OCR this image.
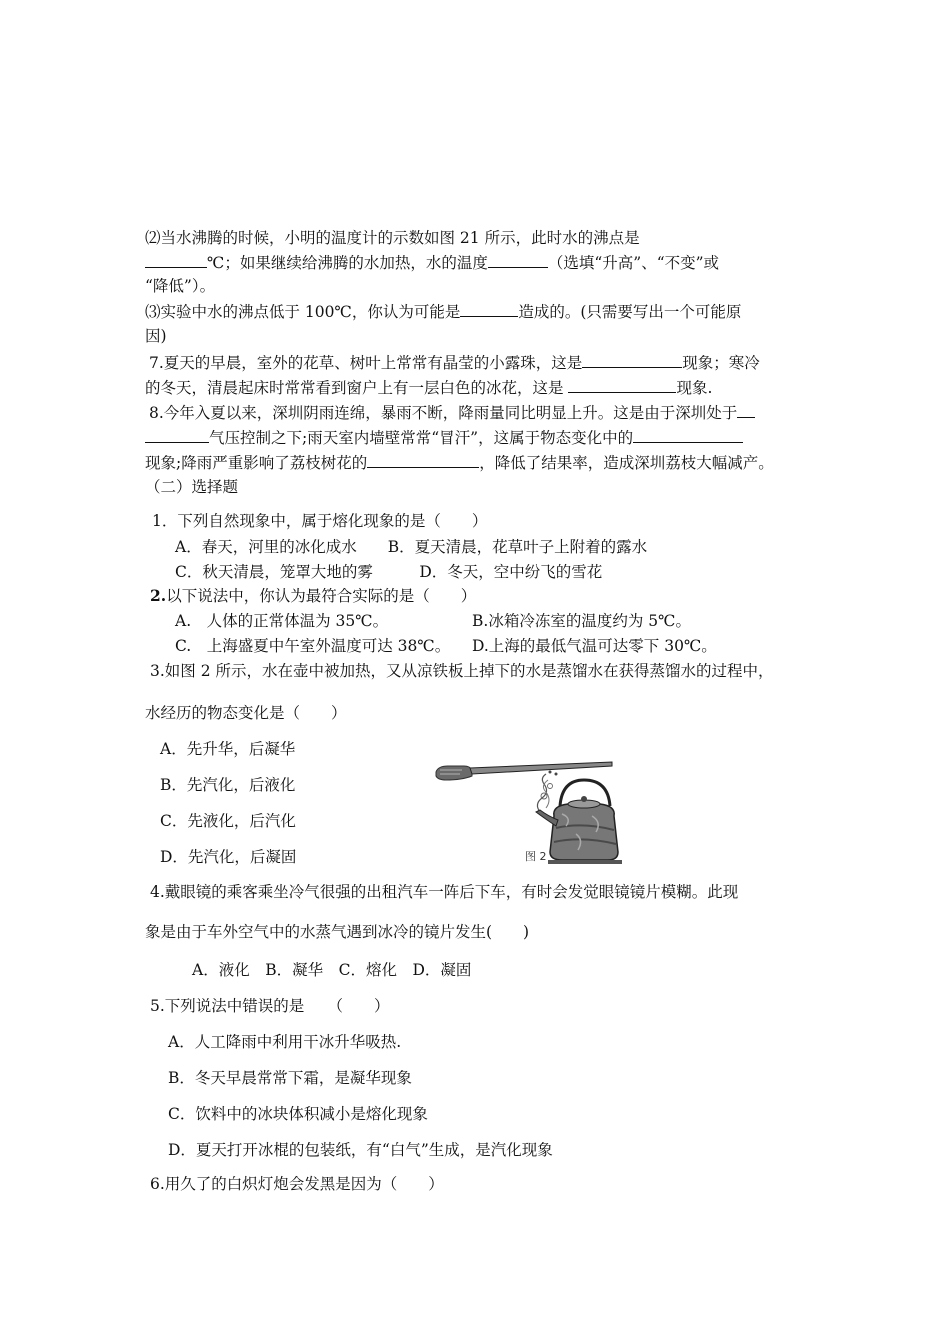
⑵当水沸腾的时候，小明的温度计的示数如图 21 所示，此时水的沸点是
℃；如果继续给沸腾的水加热，水的温度	（选填“升高”、“不变”或
“降低”）。
⑶实验中水的沸点低于 100℃，你认为可能是	造成的。(只需要写出一个可能原
因)
7.夏天的早晨，室外的花草、树叶上常常有晶莹的小露珠，这是	现象；寒冷
的冬天，清晨起床时常常看到窗户上有一层白色的冰花，这是	现象.
8.今年入夏以来，深圳阴雨连绵，暴雨不断，降雨量同比明显上升。这是由于深圳处于
气压控制之下;雨天室内墙壁常常“冒汗”，这属于物态变化中的
现象;降雨严重影响了荔枝树花的	，降低了结果率，造成深圳荔枝大幅减产。
（二）选择题
1．下列自然现象中，属于熔化现象的是（　　）
A．春天，河里的冰化成水　　B．夏天清晨，花草叶子上附着的露水
C．秋天清晨，笼罩大地的雾　　　D．冬天，空中纷飞的雪花
2.以下说法中，你认为最符合实际的是（　　）
A.　人体的正常体温为 35℃。	B.冰箱冷冻室的温度约为 5℃。
C.　上海盛夏中午室外温度可达 38℃。 D.上海的最低气温可达零下 30℃。
3.如图 2 所示，水在壶中被加热，又从凉铁板上掉下的水是蒸馏水在获得蒸馏水的过程中，
水经历的物态变化是（　　）
A．先升华，后凝华
B．先汽化，后液化
C．先液化，后汽化
D．先汽化，后凝固	图 2
4.戴眼镜的乘客乘坐冷气很强的出租汽车一阵后下车，有时会发觉眼镜镜片模糊。此现
象是由于车外空气中的水蒸气遇到冰冷的镜片发生(　　)
A．液化　B．凝华　C．熔化　D．凝固
5.下列说法中错误的是　　（　　）
A．人工降雨中利用干冰升华吸热.
B．冬天早晨常常下霜，是凝华现象
C．饮料中的冰块体积减小是熔化现象
D．夏天打开冰棍的包装纸，有“白气”生成，是汽化现象
6.用久了的白炽灯炮会发黑是因为（　　）
